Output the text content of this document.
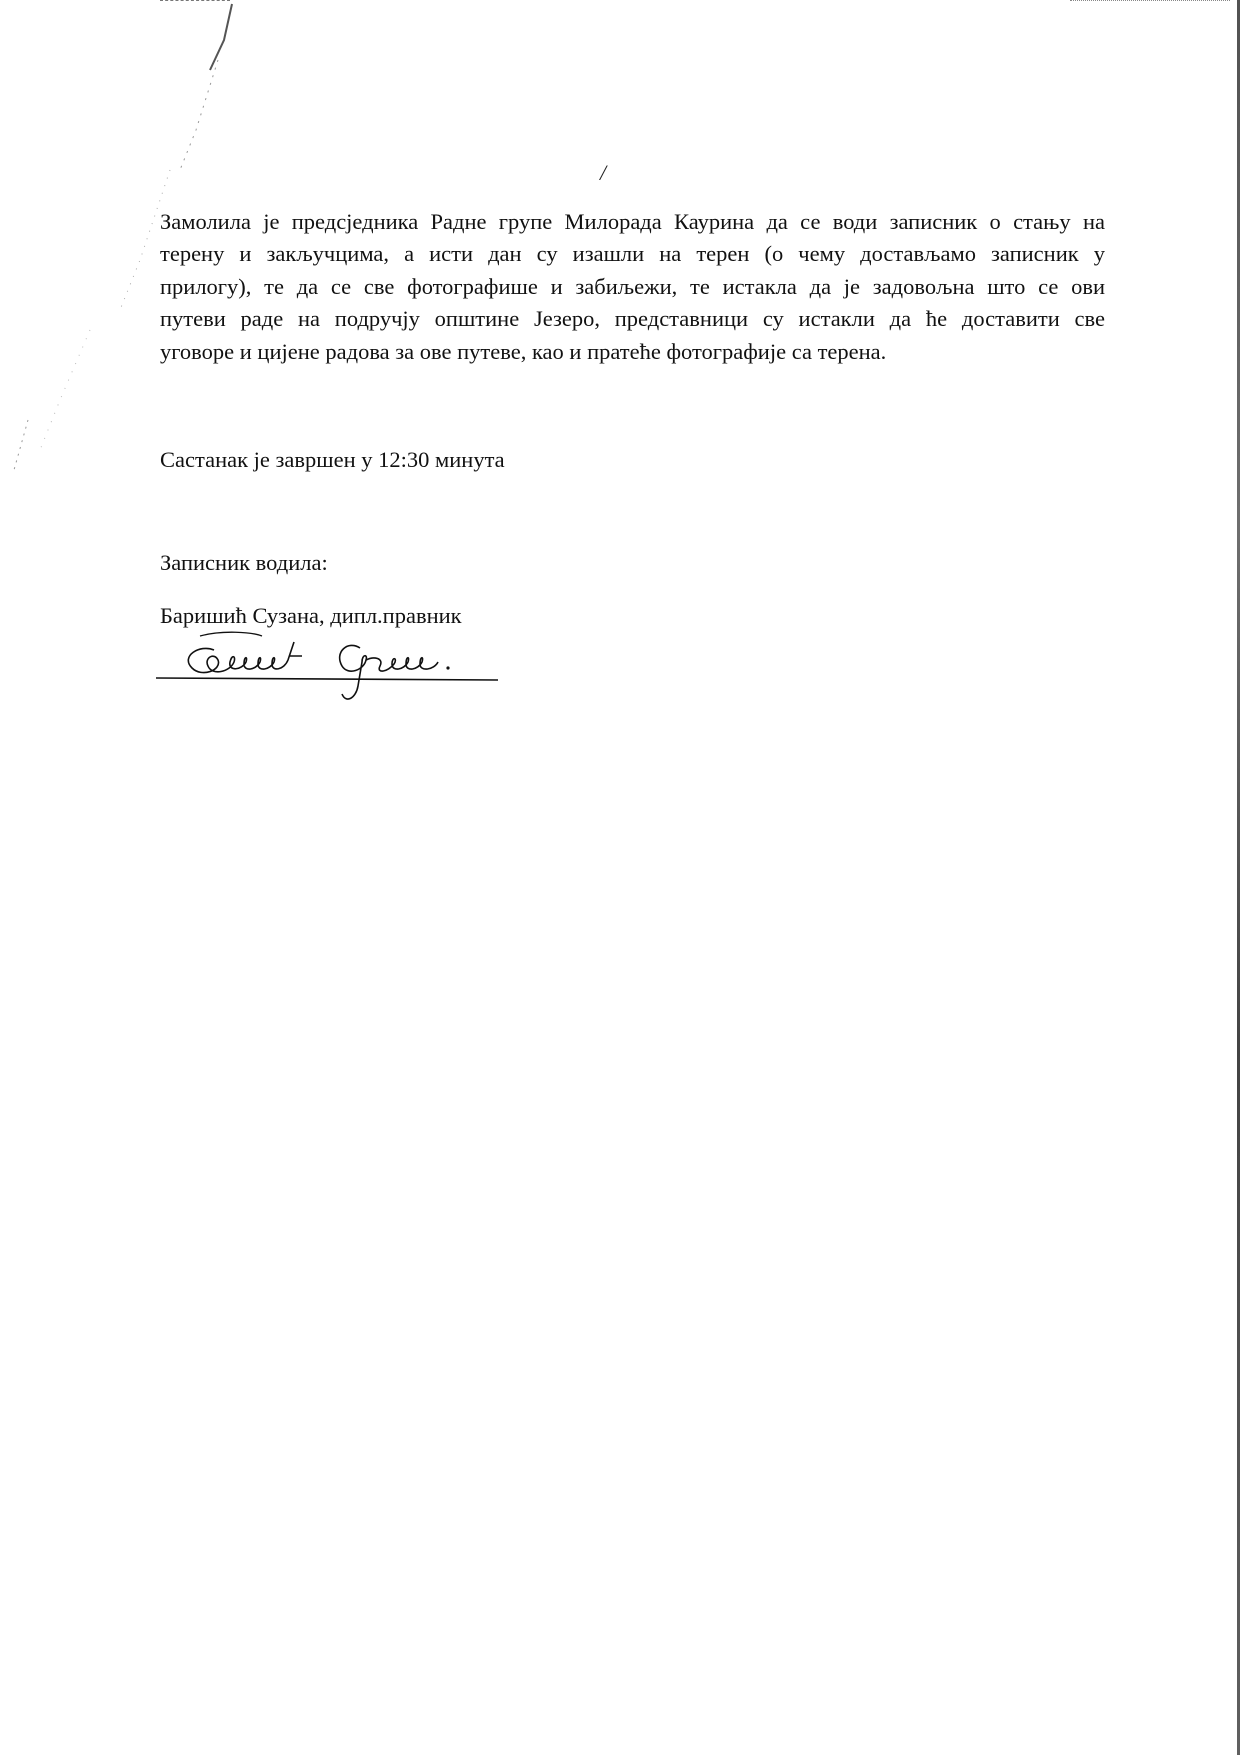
/
Замолила је предсједника Радне групе Милорада Каурина да се води записник о стању на
терену и закључцима, а исти дан су изашли на терен (о чему достављамо записник у
прилогу), те да се све фотографише и забиљежи, те истакла да је задовољна што се ови
путеви раде на подручју општине Језеро, представници су истакли да ће доставити све
уговоре и цијене радова за ове путеве, као и пратеће фотографије са терена.
Састанак је завршен у 12:30 минута
Записник водила:
Баришић Сузана, дипл.правник
